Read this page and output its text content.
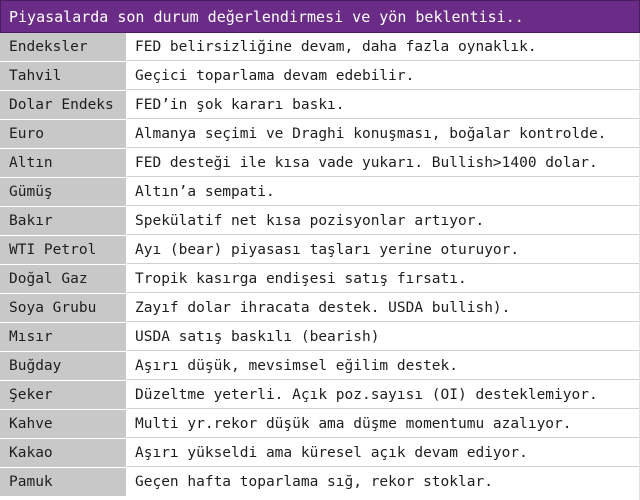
Piyasalarda son durum değerlendirmesi ve yön beklentisi..
Endeksler	FED belirsizliğine devam, daha fazla oynaklık.
Tahvil	Geçici toparlama devam edebilir.
Dolar Endeks	FED’in şok kararı baskı.
Euro	Almanya seçimi ve Draghi konuşması, boğalar kontrolde.
Altın	FED desteği ile kısa vade yukarı. Bullish>1400 dolar.
Gümüş	Altın’a sempati.
Bakır	Spekülatif net kısa pozisyonlar artıyor.
WTI Petrol	Ayı (bear) piyasası taşları yerine oturuyor.
Doğal Gaz	Tropik kasırga endişesi satış fırsatı.
Soya Grubu	Zayıf dolar ihracata destek. USDA bullish).
Mısır	USDA satış baskılı (bearish)
Buğday	Aşırı düşük, mevsimsel eğilim destek.
Şeker	Düzeltme yeterli. Açık poz.sayısı (OI) desteklemiyor.
Kahve	Multi yr.rekor düşük ama düşme momentumu azalıyor.
Kakao	Aşırı yükseldi ama küresel açık devam ediyor.
Pamuk	Geçen hafta toparlama sığ, rekor stoklar.
